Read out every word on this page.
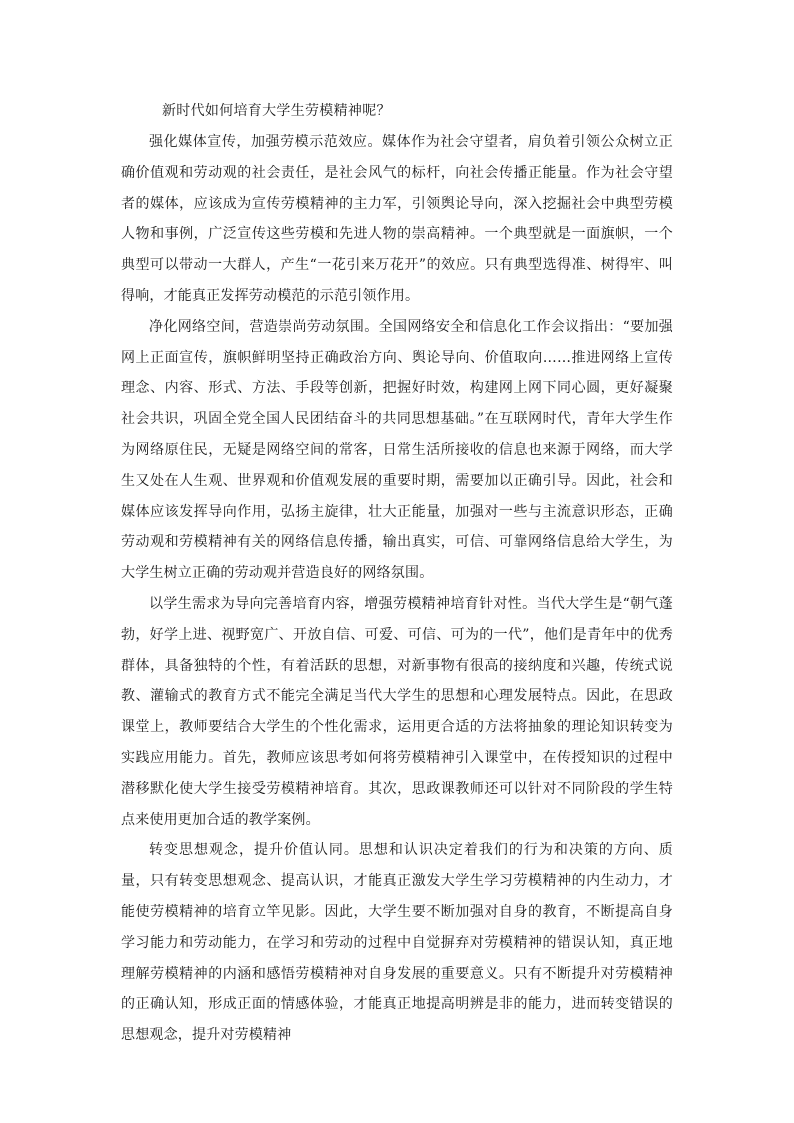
新时代如何培育大学生劳模精神呢？

强化媒体宣传，加强劳模示范效应。媒体作为社会守望者，肩负着引领公众树立正确价值观和劳动观的社会责任，是社会风气的标杆，向社会传播正能量。作为社会守望者的媒体，应该成为宣传劳模精神的主力军，引领舆论导向，深入挖掘社会中典型劳模人物和事例，广泛宣传这些劳模和先进人物的崇高精神。一个典型就是一面旗帜，一个典型可以带动一大群人，产生“一花引来万花开”的效应。只有典型选得准、树得牢、叫得响，才能真正发挥劳动模范的示范引领作用。

净化网络空间，营造崇尚劳动氛围。全国网络安全和信息化工作会议指出：“要加强网上正面宣传，旗帜鲜明坚持正确政治方向、舆论导向、价值取向……推进网络上宣传理念、内容、形式、方法、手段等创新，把握好时效，构建网上网下同心圆，更好凝聚社会共识，巩固全党全国人民团结奋斗的共同思想基础。”在互联网时代，青年大学生作为网络原住民，无疑是网络空间的常客，日常生活所接收的信息也来源于网络，而大学生又处在人生观、世界观和价值观发展的重要时期，需要加以正确引导。因此，社会和媒体应该发挥导向作用，弘扬主旋律，壮大正能量，加强对一些与主流意识形态，正确劳动观和劳模精神有关的网络信息传播，输出真实，可信、可靠网络信息给大学生，为大学生树立正确的劳动观并营造良好的网络氛围。

以学生需求为导向完善培育内容，增强劳模精神培育针对性。当代大学生是“朝气蓬勃，好学上进、视野宽广、开放自信、可爱、可信、可为的一代”，他们是青年中的优秀群体，具备独特的个性，有着活跃的思想，对新事物有很高的接纳度和兴趣，传统式说教、灌输式的教育方式不能完全满足当代大学生的思想和心理发展特点。因此，在思政课堂上，教师要结合大学生的个性化需求，运用更合适的方法将抽象的理论知识转变为实践应用能力。首先，教师应该思考如何将劳模精神引入课堂中，在传授知识的过程中潜移默化使大学生接受劳模精神培育。其次，思政课教师还可以针对不同阶段的学生特点来使用更加合适的教学案例。

转变思想观念，提升价值认同。思想和认识决定着我们的行为和决策的方向、质量，只有转变思想观念、提高认识，才能真正激发大学生学习劳模精神的内生动力，才能使劳模精神的培育立竿见影。因此，大学生要不断加强对自身的教育，不断提高自身学习能力和劳动能力，在学习和劳动的过程中自觉摒弃对劳模精神的错误认知，真正地理解劳模精神的内涵和感悟劳模精神对自身发展的重要意义。只有不断提升对劳模精神的正确认知，形成正面的情感体验，才能真正地提高明辨是非的能力，进而转变错误的思想观念，提升对劳模精神
